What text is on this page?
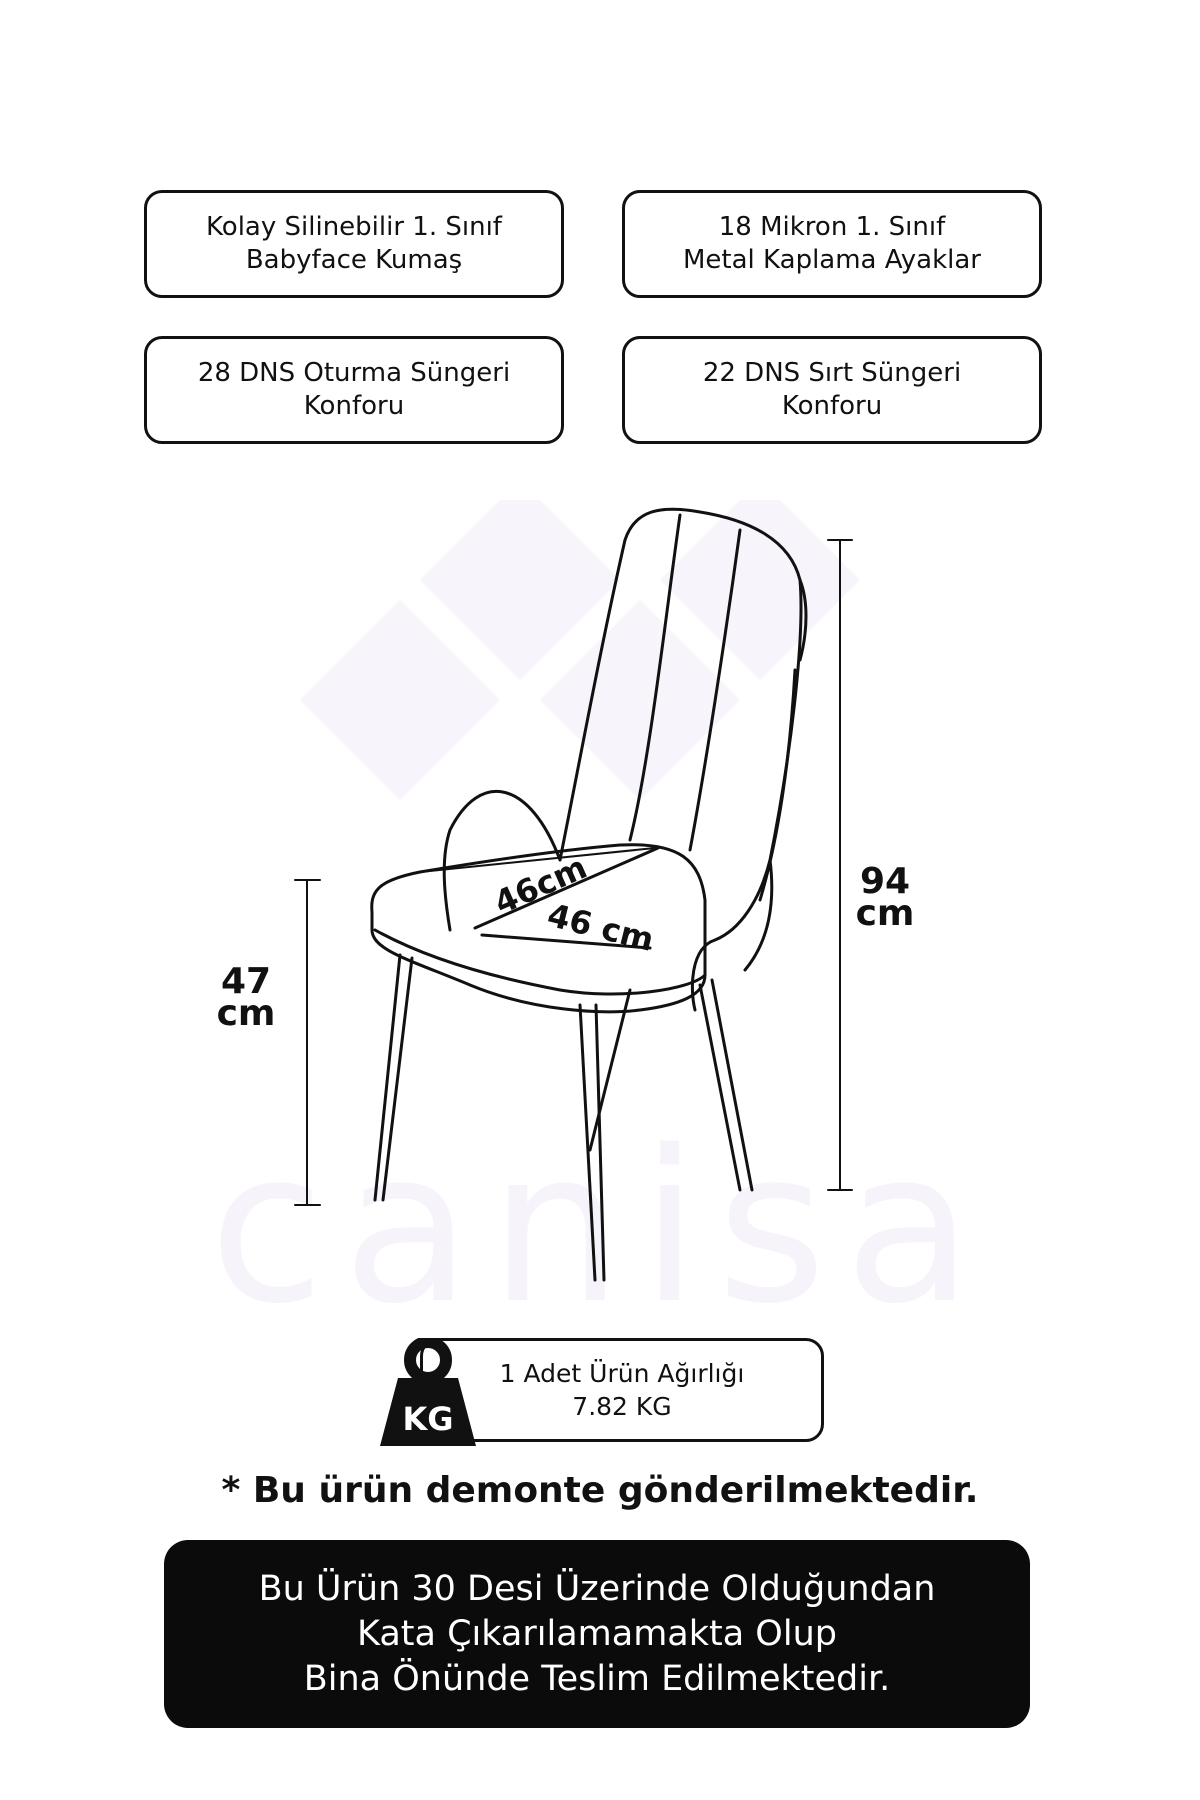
Kolay Silinebilir 1. Sınıf
Babyface Kumaş
18 Mikron 1. Sınıf
Metal Kaplama Ayaklar
28 DNS Oturma Süngeri
Konforu
22 DNS Sırt Süngeri
Konforu
canisa
46cm
46 cm
47
cm
94
cm
1 Adet Ürün Ağırlığı
7.82 KG
KG
* Bu ürün demonte gönderilmektedir.
Bu Ürün 30 Desi Üzerinde Olduğundan
Kata Çıkarılamamakta Olup
Bina Önünde Teslim Edilmektedir.
